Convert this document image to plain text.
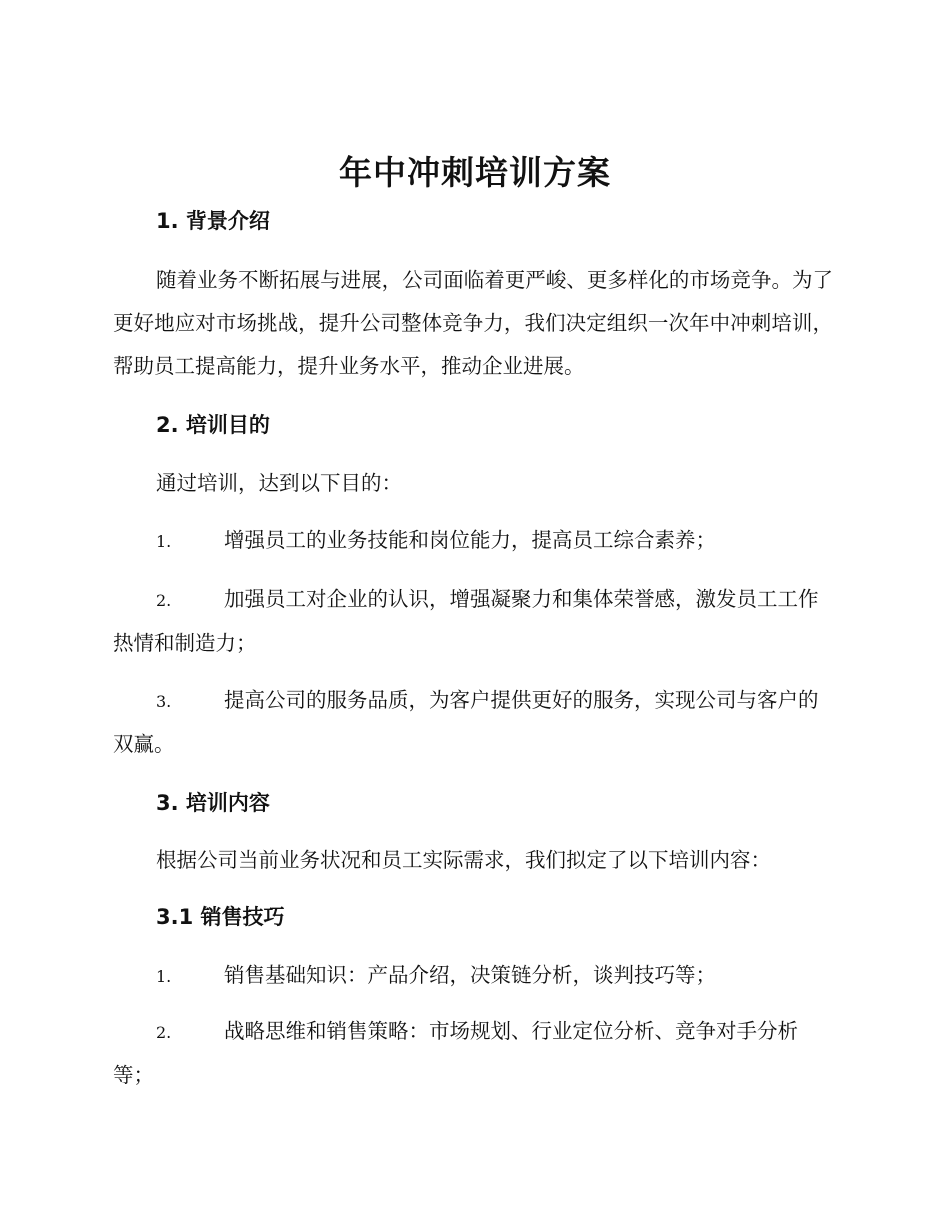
年中冲刺培训方案
1. 背景介绍
随着业务不断拓展与进展，公司面临着更严峻、更多样化的市场竞争。为了更好地应对市场挑战，提升公司整体竞争力，我们决定组织一次年中冲刺培训，帮助员工提高能力，提升业务水平，推动企业进展。
2. 培训目的
通过培训，达到以下目的：
1.	增强员工的业务技能和岗位能力，提高员工综合素养；
2.	加强员工对企业的认识，增强凝聚力和集体荣誉感，激发员工工作热情和制造力；
3.	提高公司的服务品质，为客户提供更好的服务，实现公司与客户的双赢。
3. 培训内容
根据公司当前业务状况和员工实际需求，我们拟定了以下培训内容：
3.1 销售技巧
1.	销售基础知识：产品介绍，决策链分析，谈判技巧等；
2.	战略思维和销售策略：市场规划、行业定位分析、竞争对手分析等；
